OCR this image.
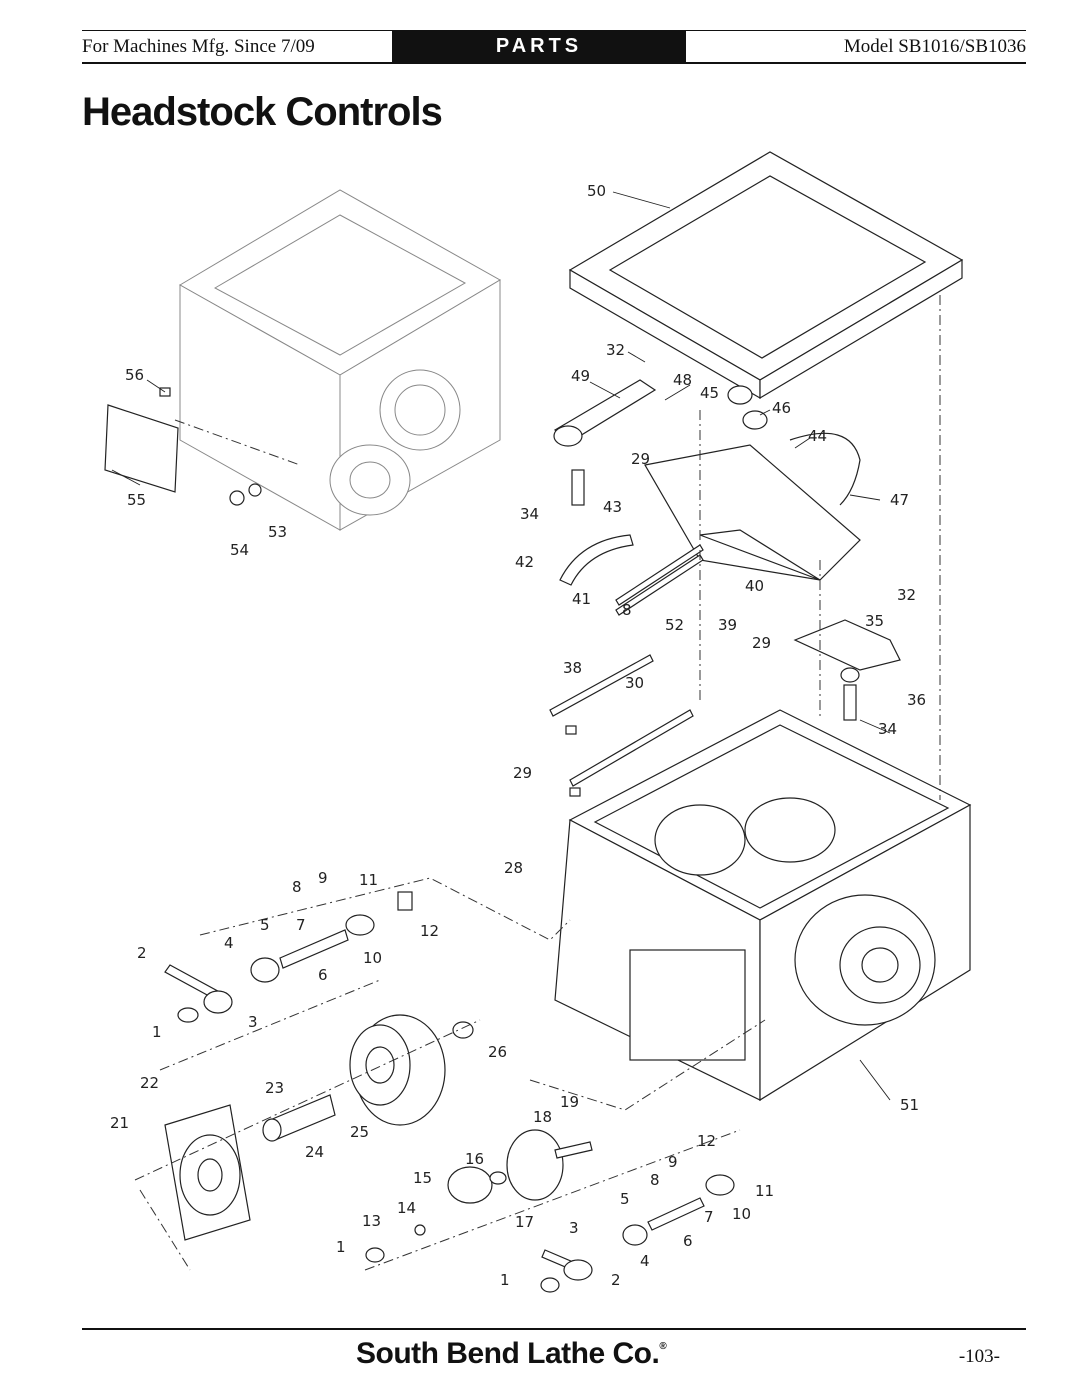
For Machines Mfg. Since 7/09	PARTS	Model SB1016/SB1036
Headstock Controls
50
56
55
53
54
32
49	48
45
46
44
29
47
34	43
42
40
41
8
52 39
32
35
29
38
30
36
34
29
28
9
8	11
12
5 7
4
2	10
6
1
3
26
22	23
21
19
18
25
24
12
16	9
8
11
15
5
14
13	17	7 10
6
3
1
4
1	2
51
South Bend Lathe Co.®	-103-
